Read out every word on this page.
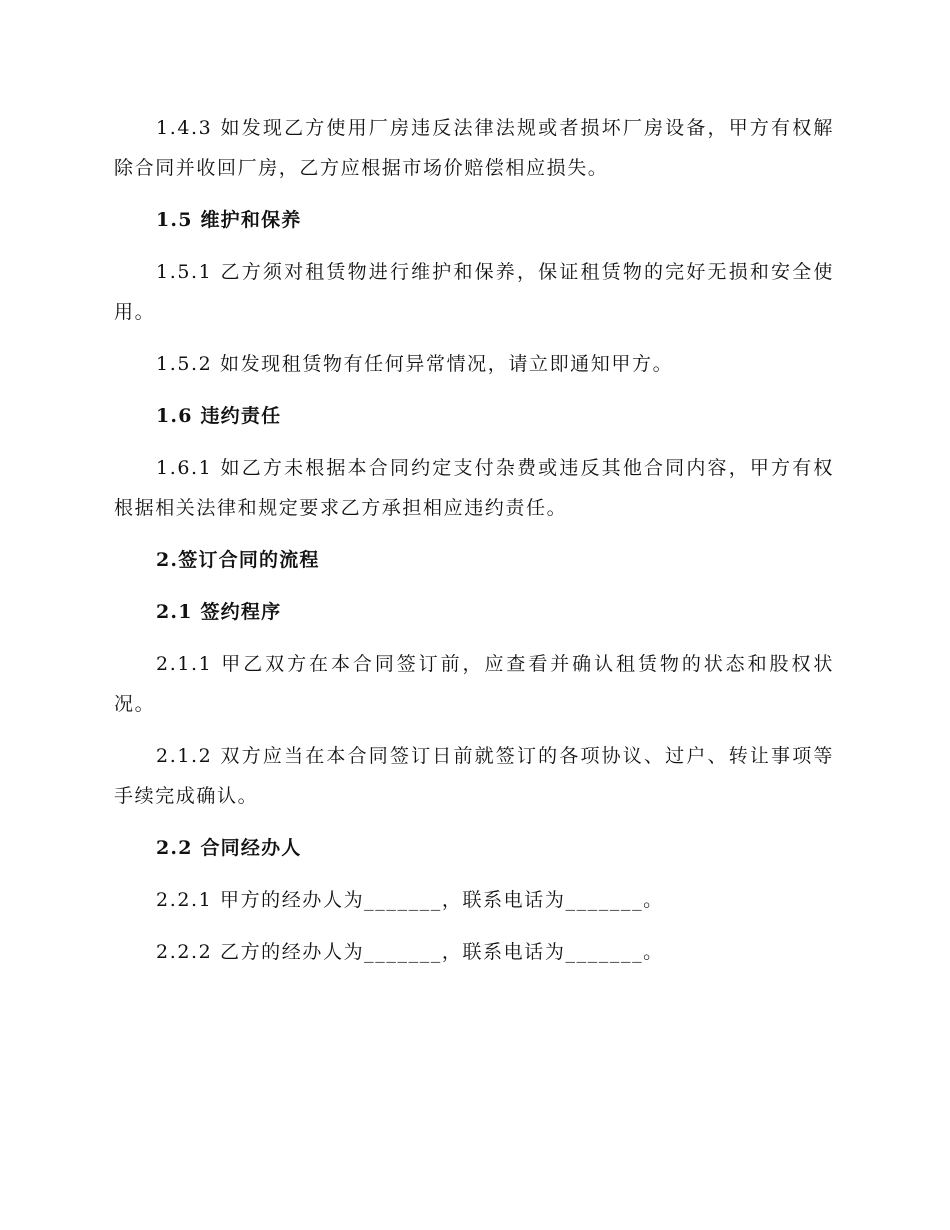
1.4.3 如发现乙方使用厂房违反法律法规或者损坏厂房设备，甲方有权解除合同并收回厂房，乙方应根据市场价赔偿相应损失。

1.5 维护和保养

1.5.1 乙方须对租赁物进行维护和保养，保证租赁物的完好无损和安全使用。

1.5.2 如发现租赁物有任何异常情况，请立即通知甲方。

1.6 违约责任

1.6.1 如乙方未根据本合同约定支付杂费或违反其他合同内容，甲方有权根据相关法律和规定要求乙方承担相应违约责任。

2.签订合同的流程

2.1 签约程序

2.1.1 甲乙双方在本合同签订前，应查看并确认租赁物的状态和股权状况。

2.1.2 双方应当在本合同签订日前就签订的各项协议、过户、转让事项等手续完成确认。

2.2 合同经办人

2.2.1 甲方的经办人为_______，联系电话为_______。

2.2.2 乙方的经办人为_______，联系电话为_______。
